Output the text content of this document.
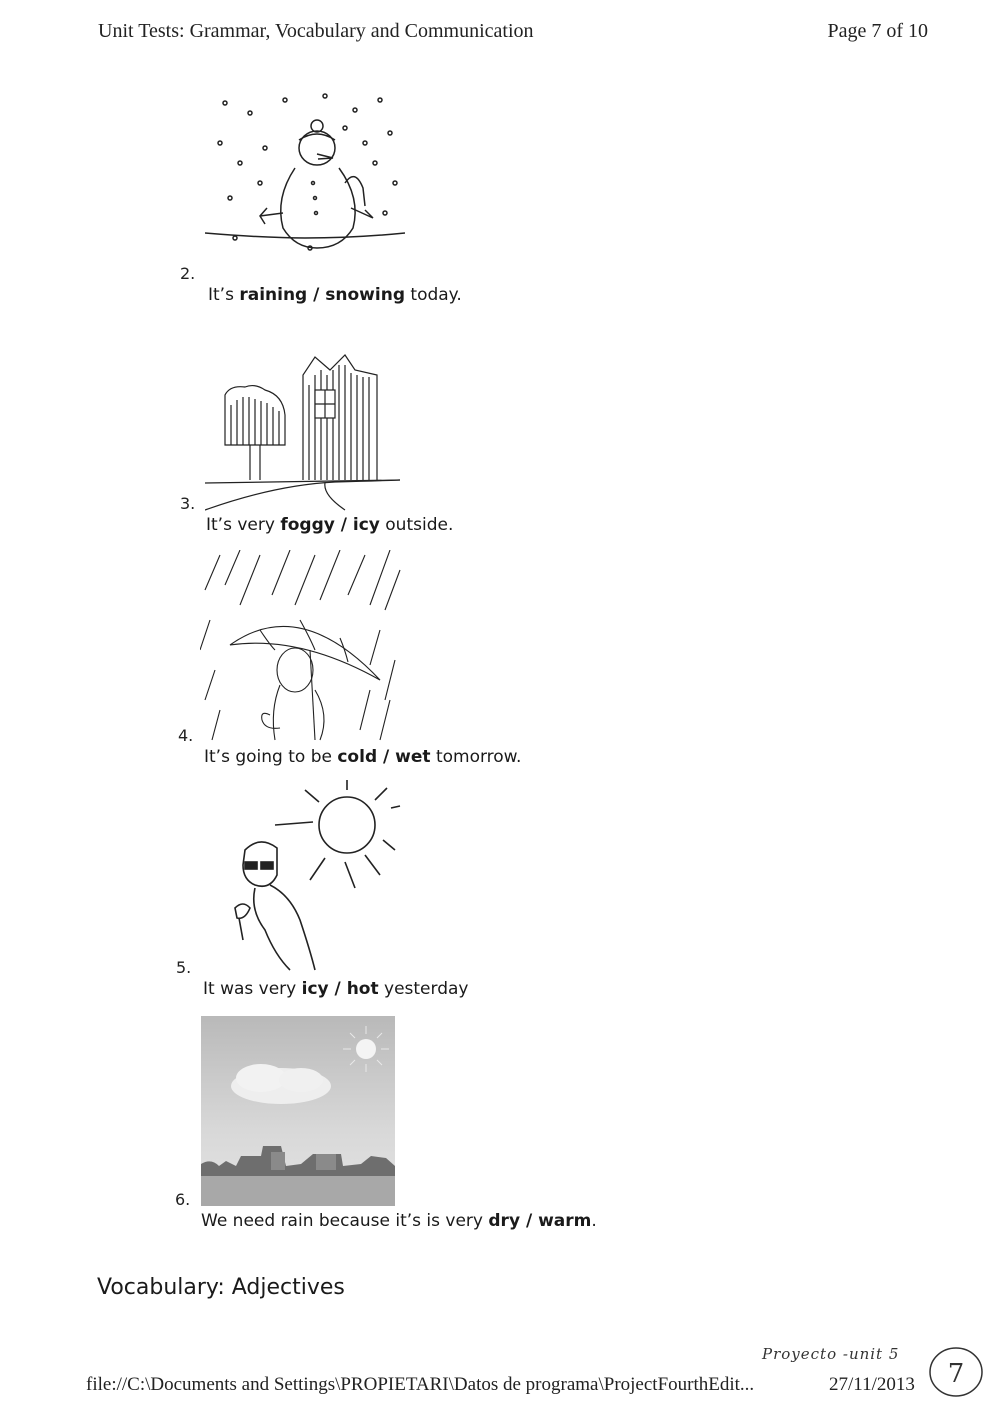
Unit Tests: Grammar, Vocabulary and Communication	Page 7 of 10
2.
It’s raining / snowing today.
3.
It’s very foggy / icy outside.
4.
It’s going to be cold / wet tomorrow.
5.
It was very icy / hot yesterday
6.
We need rain because it’s is very dry / warm.
Vocabulary: Adjectives
Proyecto -unit 5
file://C:\Documents and Settings\PROPIETARI\Datos de programa\ProjectFourthEdit...	27/11/2013 7
